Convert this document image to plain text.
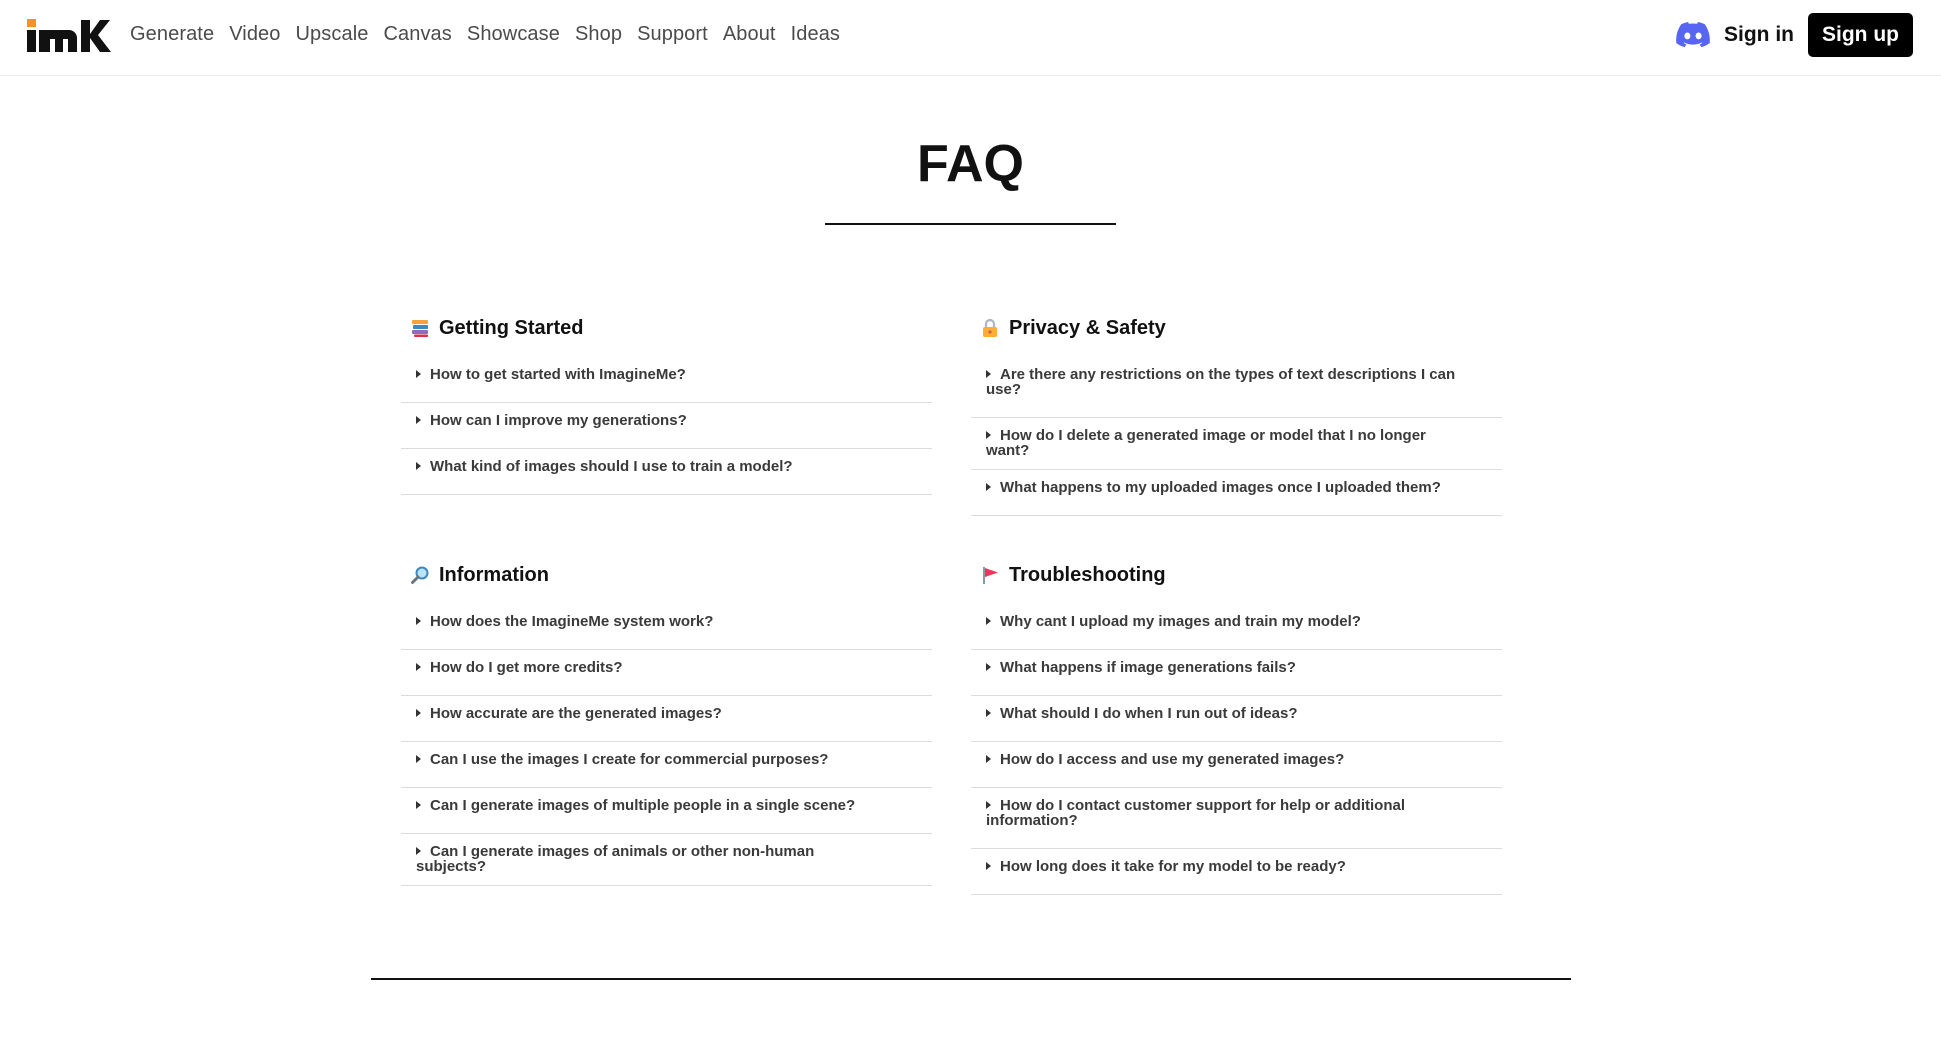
Generate Video Upscale Canvas Showcase Shop Support About Ideas	Sign in	Sign up
FAQ
Getting Started
How to get started with ImagineMe?
How can I improve my generations?
What kind of images should I use to train a model?
Privacy & Safety
Are there any restrictions on the types of text descriptions I can use?
How do I delete a generated image or model that I no longer want?
What happens to my uploaded images once I uploaded them?
Information
How does the ImagineMe system work?
How do I get more credits?
How accurate are the generated images?
Can I use the images I create for commercial purposes?
Can I generate images of multiple people in a single scene?
Can I generate images of animals or other non-human subjects?
Troubleshooting
Why cant I upload my images and train my model?
What happens if image generations fails?
What should I do when I run out of ideas?
How do I access and use my generated images?
How do I contact customer support for help or additional information?
How long does it take for my model to be ready?
